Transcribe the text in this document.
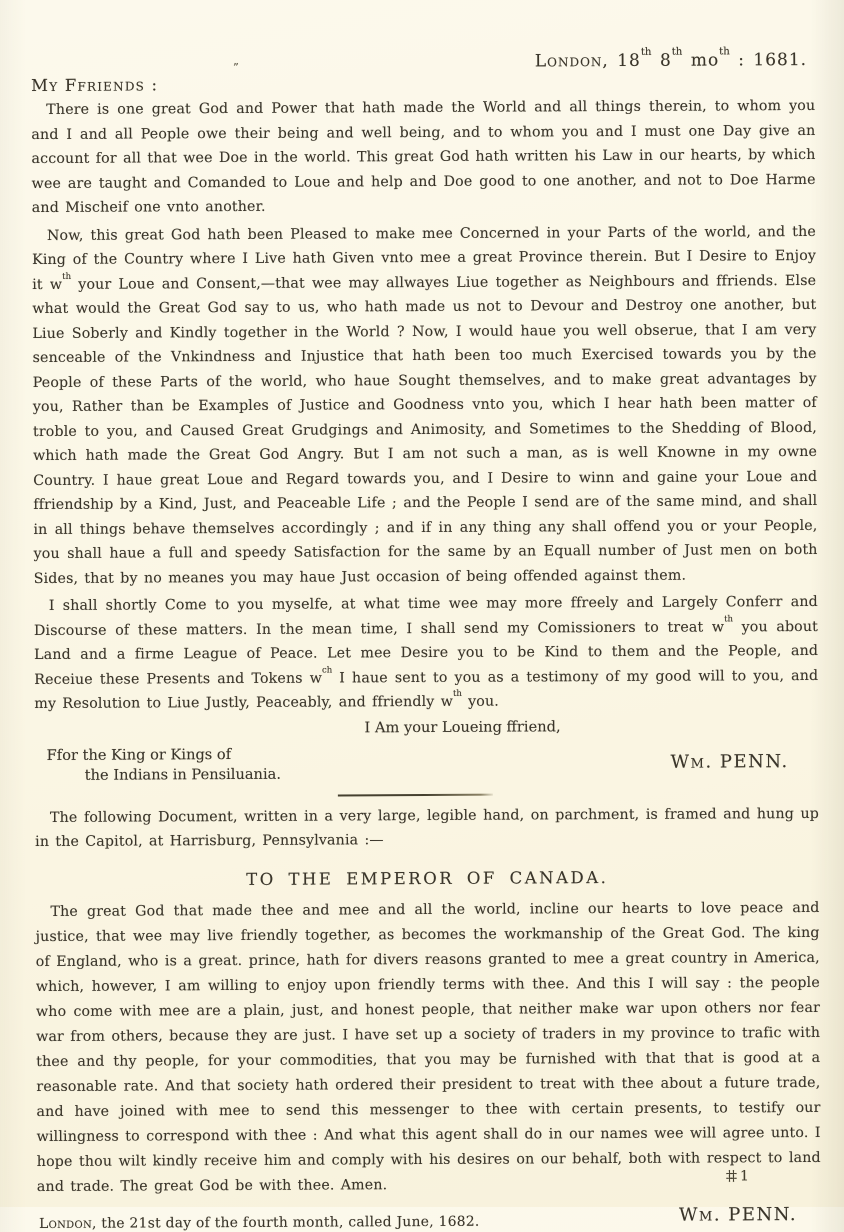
”	London, 18th 8th $mo^{th}$ : 1681.
My Ffriends :

There is one great God and Power that hath made the World and all things therein, to whom you and I and all People owe their being and well being, and to whom you and I must one Day give an account for all that wee Doe in the world. This great God hath written his Law in our hearts, by which wee are taught and Comanded to Loue and help and Doe good to one another, and not to Doe Harme and Mischeif one vnto another.

Now, this great God hath been Pleased to make mee Concerned in your Parts of the world, and the King of the Country where I Live hath Given vnto mee a great Province therein. But I Desire to Enjoy it $w^{th}$ your Loue and Consent,—that wee may allwayes Liue together as Neighbours and ffriends. Else what would the Great God say to us, who hath made us not to Devour and Destroy one another, but Liue Soberly and Kindly together in the World ? Now, I would haue you well obserue, that I am very senceable of the Vnkindness and Injustice that hath been too much Exercised towards you by the People of these Parts of the world, who haue Sought themselves, and to make great advantages by you, Rather than be Examples of Justice and Goodness vnto you, which I hear hath been matter of troble to you, and Caused Great Grudgings and Animosity, and Sometimes to the Shedding of Blood, which hath made the Great God Angry. But I am not such a man, as is well Knowne in my owne Country. I haue great Loue and Regard towards you, and I Desire to winn and gaine your Loue and ffriendship by a Kind, Just, and Peaceable Life ; and the People I send are of the same mind, and shall in all things behave themselves accordingly ; and if in any thing any shall offend you or your People, you shall haue a full and speedy Satisfaction for the same by an Equall number of Just men on both Sides, that by no meanes you may haue Just occasion of being offended against them.

I shall shortly Come to you myselfe, at what time wee may more ffreely and Largely Conferr and Discourse of these matters. In the mean time, I shall send my Comissioners to treat $w^{th}$ you about Land and a firme League of Peace. Let mee Desire you to be Kind to them and the People, and Receiue these Presents and Tokens $w^{ch}$ I haue sent to you as a testimony of my good will to you, and my Resolution to Liue Justly, Peaceably, and ffriendly $w^{th}$ you.

I Am your Loueing ffriend,
Ffor the King or Kings of
the Indians in Pensiluania.
Wm. PENN.

The following Document, written in a very large, legible hand, on parchment, is framed and hung up in the Capitol, at Harrisburg, Pennsylvania :—

TO THE EMPEROR OF CANADA.

The great God that made thee and mee and all the world, incline our hearts to love peace and justice, that wee may live friendly together, as becomes the workmanship of the Great God. The king of England, who is a great. prince, hath for divers reasons granted to mee a great country in America, which, however, I am willing to enjoy upon friendly terms with thee. And this I will say : the people who come with mee are a plain, just, and honest people, that neither make war upon others nor fear war from others, because they are just. I have set up a society of traders in my province to trafic with thee and thy people, for your commodities, that you may be furnished with that that is good at a reasonable rate. And that society hath ordered their president to treat with thee about a future trade, and have joined with mee to send this messenger to thee with certain presents, to testify our willingness to correspond with thee : And what this agent shall do in our names wee will agree unto. I hope thou wilt kindly receive him and comply with his desires on our behalf, both with respect to land and trade. The great God be with thee. Amen.

London, the 21st day of the fourth month, called June, 1682.	Wm. PENN.
‡‡ 1
